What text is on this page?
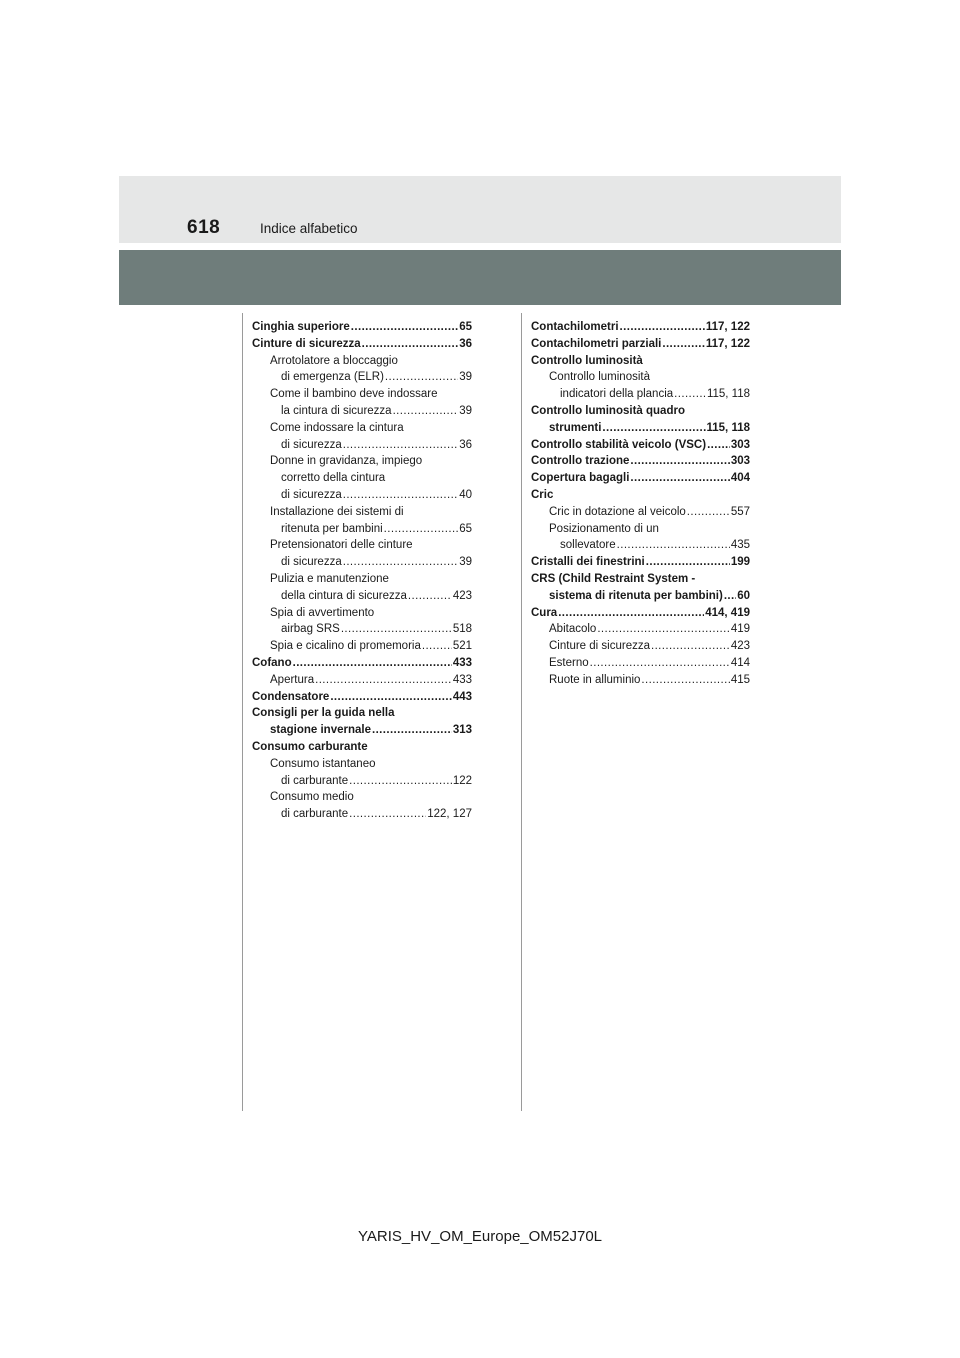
618	Indice alfabetico
Cinghia superiore .....	65
Cinture di sicurezza .....	36
Arrotolatore a bloccaggio
di emergenza (ELR) .....	39
Come il bambino deve indossare
la cintura di sicurezza .....	39
Come indossare la cintura
di sicurezza .....	36
Donne in gravidanza, impiego
corretto della cintura
di sicurezza .....	40
Installazione dei sistemi di
ritenuta per bambini .....	65
Pretensionatori delle cinture
di sicurezza .....	39
Pulizia e manutenzione
della cintura di sicurezza .....	423
Spia di avvertimento
airbag SRS .....	518
Spia e cicalino di promemoria .....	521
Cofano .....	433
Apertura .....	433
Condensatore .....	443
Consigli per la guida nella
stagione invernale .....	313
Consumo carburante
Consumo istantaneo
di carburante .....	122
Consumo medio
di carburante .....	122, 127
Contachilometri .....	117, 122
Contachilometri parziali .....	117, 122
Controllo luminosità
Controllo luminosità
indicatori della plancia .....	115, 118
Controllo luminosità quadro
strumenti .....	115, 118
Controllo stabilità veicolo (VSC) ..... 303
Controllo trazione .....	303
Copertura bagagli .....	404
Cric
Cric in dotazione al veicolo .....	557
Posizionamento di un
sollevatore .....	435
Cristalli dei finestrini .....	199
CRS (Child Restraint System -
sistema di ritenuta per bambini) ..... 60
Cura .....	414, 419
Abitacolo .....	419
Cinture di sicurezza .....	423
Esterno .....	414
Ruote in alluminio .....	415
YARIS_HV_OM_Europe_OM52J70L
